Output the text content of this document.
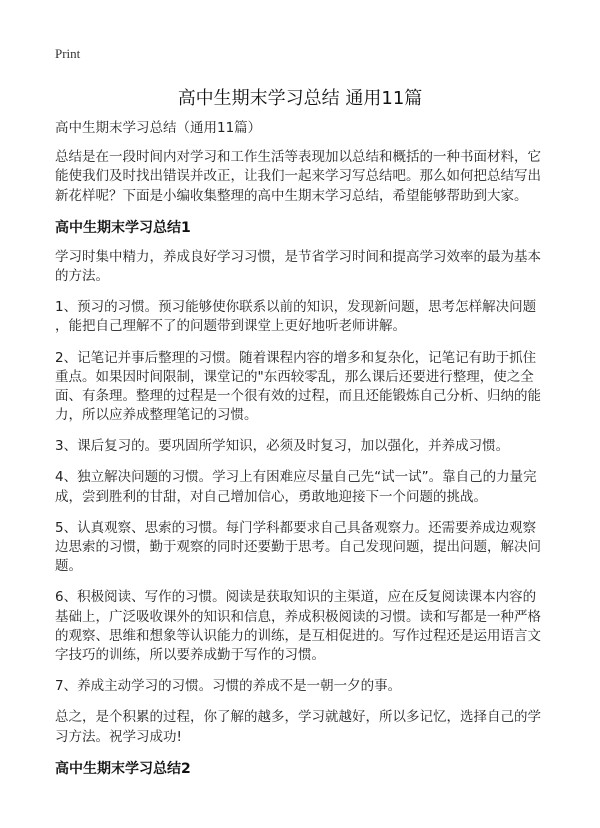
Print
高中生期末学习总结 通用11篇
高中生期末学习总结（通用11篇）
总结是在一段时间内对学习和工作生活等表现加以总结和概括的一种书面材料，它
能使我们及时找出错误并改正，让我们一起来学习写总结吧。那么如何把总结写出
新花样呢？下面是小编收集整理的高中生期末学习总结，希望能够帮助到大家。
高中生期末学习总结1
学习时集中精力，养成良好学习习惯，是节省学习时间和提高学习效率的最为基本
的方法。
1、预习的习惯。预习能够使你联系以前的知识，发现新问题，思考怎样解决问题
，能把自己理解不了的问题带到课堂上更好地听老师讲解。
2、记笔记并事后整理的习惯。随着课程内容的增多和复杂化，记笔记有助于抓住
重点。如果因时间限制，课堂记的"东西较零乱，那么课后还要进行整理，使之全
面、有条理。整理的过程是一个很有效的过程，而且还能锻炼自己分析、归纳的能
力，所以应养成整理笔记的习惯。
3、课后复习的。要巩固所学知识，必须及时复习，加以强化，并养成习惯。
4、独立解决问题的习惯。学习上有困难应尽量自己先“试一试”。靠自己的力量完
成，尝到胜利的甘甜，对自己增加信心，勇敢地迎接下一个问题的挑战。
5、认真观察、思索的习惯。每门学科都要求自己具备观察力。还需要养成边观察
边思索的习惯，勤于观察的同时还要勤于思考。自己发现问题，提出问题，解决问
题。
6、积极阅读、写作的习惯。阅读是获取知识的主渠道，应在反复阅读课本内容的
基础上，广泛吸收课外的知识和信息，养成积极阅读的习惯。读和写都是一种严格
的观察、思维和想象等认识能力的训练，是互相促进的。写作过程还是运用语言文
字技巧的训练，所以要养成勤于写作的习惯。
7、养成主动学习的习惯。习惯的养成不是一朝一夕的事。
总之，是个积累的过程，你了解的越多，学习就越好，所以多记忆，选择自己的学
习方法。祝学习成功!
高中生期末学习总结2
